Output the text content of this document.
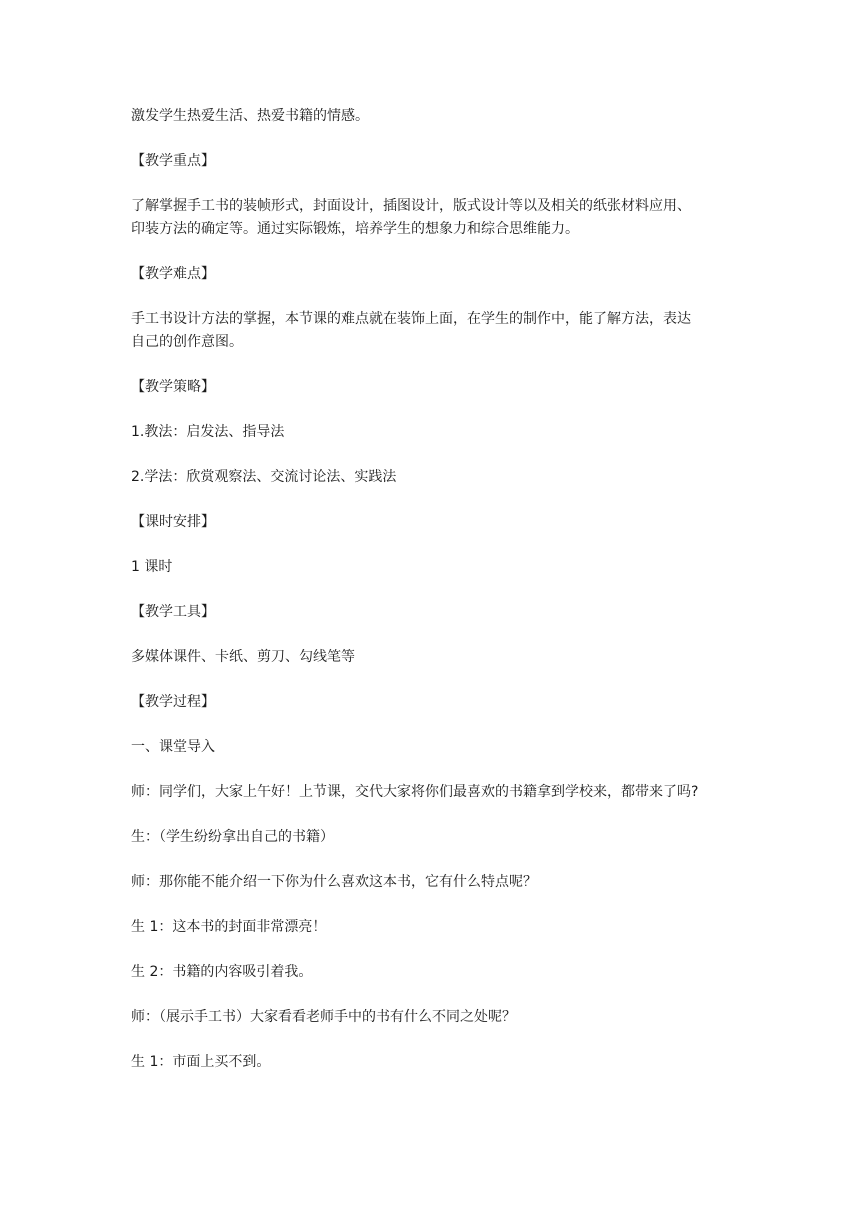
激发学生热爱生活、热爱书籍的情感。
【教学重点】
了解掌握手工书的装帧形式，封面设计，插图设计，版式设计等以及相关的纸张材料应用、
印装方法的确定等。通过实际锻炼，培养学生的想象力和综合思维能力。
【教学难点】
手工书设计方法的掌握，本节课的难点就在装饰上面，在学生的制作中，能了解方法，表达
自己的创作意图。
【教学策略】
1.教法：启发法、指导法
2.学法：欣赏观察法、交流讨论法、实践法
【课时安排】
1 课时
【教学工具】
多媒体课件、卡纸、剪刀、勾线笔等
【教学过程】
一、课堂导入
师：同学们，大家上午好！上节课，交代大家将你们最喜欢的书籍拿到学校来，都带来了吗?
生：（学生纷纷拿出自己的书籍）
师：那你能不能介绍一下你为什么喜欢这本书，它有什么特点呢？
生 1：这本书的封面非常漂亮！
生 2：书籍的内容吸引着我。
师：（展示手工书）大家看看老师手中的书有什么不同之处呢？
生 1：市面上买不到。
